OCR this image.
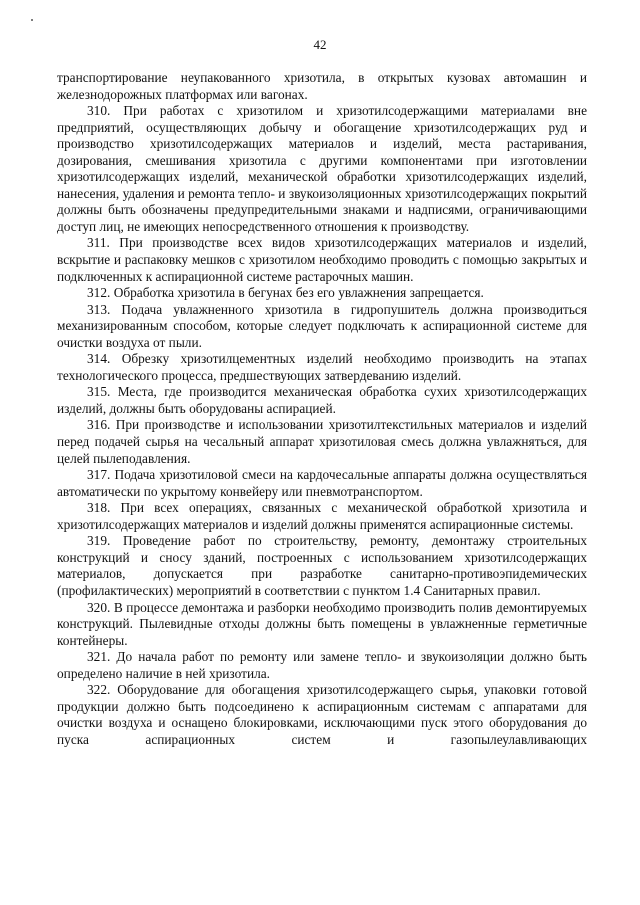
42

транспортирование неупакованного хризотила, в открытых кузовах автомашин и железнодорожных платформах или вагонах.

310. При работах с хризотилом и хризотилсодержащими материалами вне предприятий, осуществляющих добычу и обогащение хризотилсодержащих руд и производство хризотилсодержащих материалов и изделий, места растаривания, дозирования, смешивания хризотила с другими компонентами при изготовлении хризотилсодержащих изделий, механической обработки хризотилсодержащих изделий, нанесения, удаления и ремонта тепло- и звукоизоляционных хризотилсодержащих покрытий должны быть обозначены предупредительными знаками и надписями, ограничивающими доступ лиц, не имеющих непосредственного отношения к производству.

311. При производстве всех видов хризотилсодержащих материалов и изделий, вскрытие и распаковку мешков с хризотилом необходимо проводить с помощью закрытых и подключенных к аспирационной системе растарочных машин.

312. Обработка хризотила в бегунах без его увлажнения запрещается.

313. Подача увлажненного хризотила в гидропушитель должна производиться механизированным способом, которые следует подключать к аспирационной системе для очистки воздуха от пыли.

314. Обрезку хризотилцементных изделий необходимо производить на этапах технологического процесса, предшествующих затвердеванию изделий.

315. Места, где производится механическая обработка сухих хризотилсодержащих изделий, должны быть оборудованы аспирацией.

316. При производстве и использовании хризотилтекстильных материалов и изделий перед подачей сырья на чесальный аппарат хризотиловая смесь должна увлажняться, для целей пылеподавления.

317. Подача хризотиловой смеси на кардочесальные аппараты должна осуществляться автоматически по укрытому конвейеру или пневмотранспортом.

318. При всех операциях, связанных с механической обработкой хризотила и хризотилсодержащих материалов и изделий должны применятся аспирационные системы.

319. Проведение работ по строительству, ремонту, демонтажу строительных конструкций и сносу зданий, построенных с использованием хризотилсодержащих материалов, допускается при разработке санитарно-противоэпидемических (профилактических) мероприятий в соответствии с пунктом 1.4 Санитарных правил.

320. В процессе демонтажа и разборки необходимо производить полив демонтируемых конструкций. Пылевидные отходы должны быть помещены в увлажненные герметичные контейнеры.

321. До начала работ по ремонту или замене тепло- и звукоизоляции должно быть определено наличие в ней хризотила.

322. Оборудование для обогащения хризотилсодержащего сырья, упаковки готовой продукции должно быть подсоединено к аспирационным системам с аппаратами для очистки воздуха и оснащено блокировками, исключающими пуск этого оборудования до пуска аспирационных систем и газопылеулавливающих
